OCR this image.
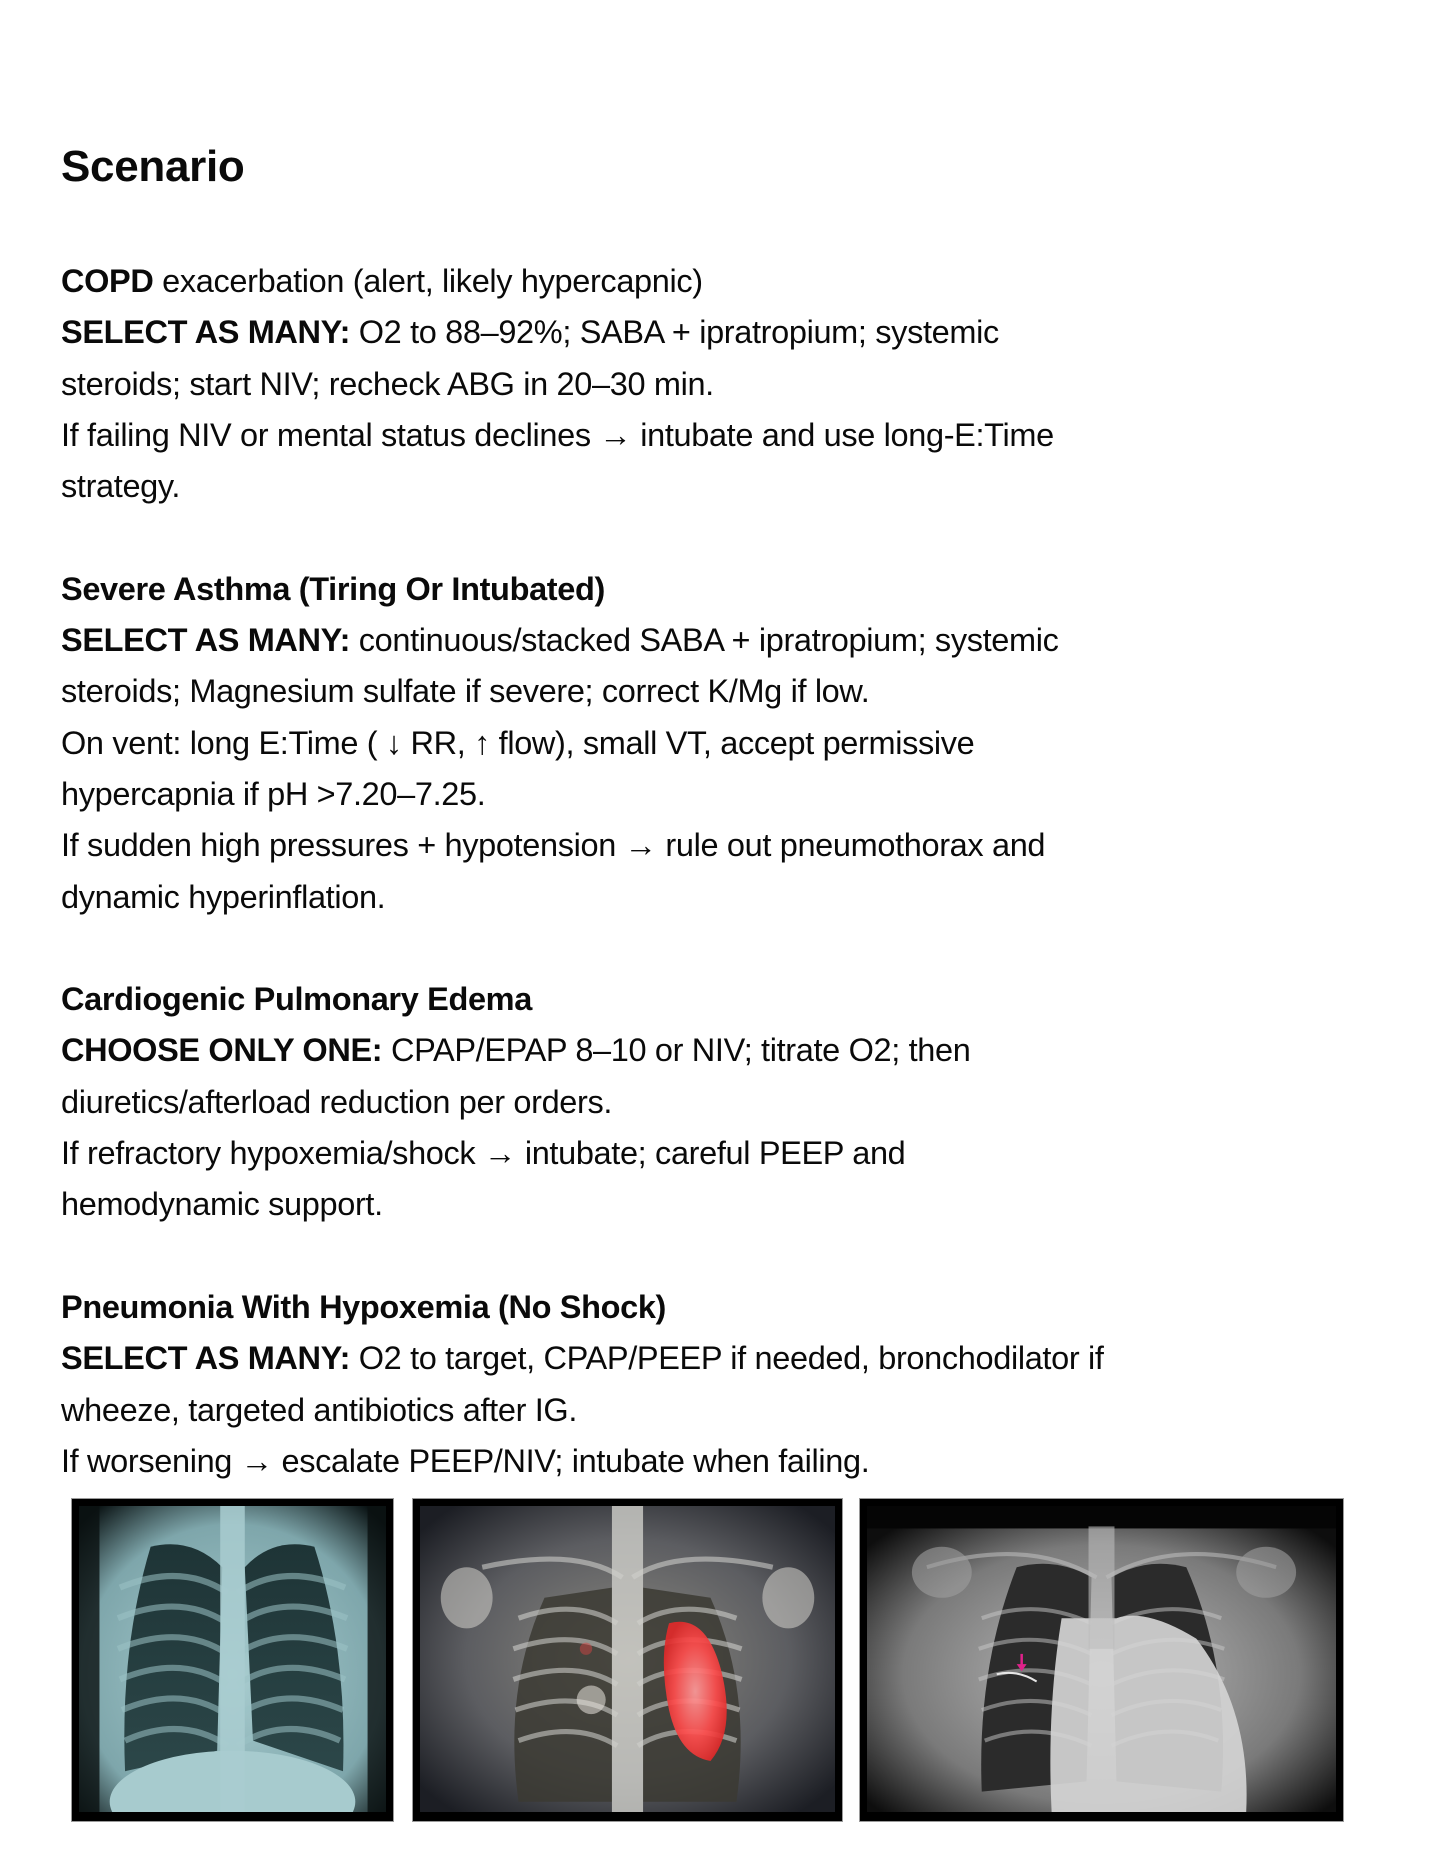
Scenario
COPD exacerbation (alert, likely hypercapnic)
SELECT AS MANY: O2 to 88–92%; SABA + ipratropium; systemic
steroids; start NIV; recheck ABG in 20–30 min.
If failing NIV or mental status declines → intubate and use long-E:Time
strategy.
Severe Asthma (Tiring Or Intubated)
SELECT AS MANY: continuous/stacked SABA + ipratropium; systemic
steroids; Magnesium sulfate if severe; correct K/Mg if low.
On vent: long E:Time ( ↓ RR, ↑ flow), small VT, accept permissive
hypercapnia if pH >7.20–7.25.
If sudden high pressures + hypotension → rule out pneumothorax and
dynamic hyperinflation.
Cardiogenic Pulmonary Edema
CHOOSE ONLY ONE: CPAP/EPAP 8–10 or NIV; titrate O2; then
diuretics/afterload reduction per orders.
If refractory hypoxemia/shock → intubate; careful PEEP and
hemodynamic support.
Pneumonia With Hypoxemia (No Shock)
SELECT AS MANY: O2 to target, CPAP/PEEP if needed, bronchodilator if
wheeze, targeted antibiotics after IG.
If worsening → escalate PEEP/NIV; intubate when failing.
